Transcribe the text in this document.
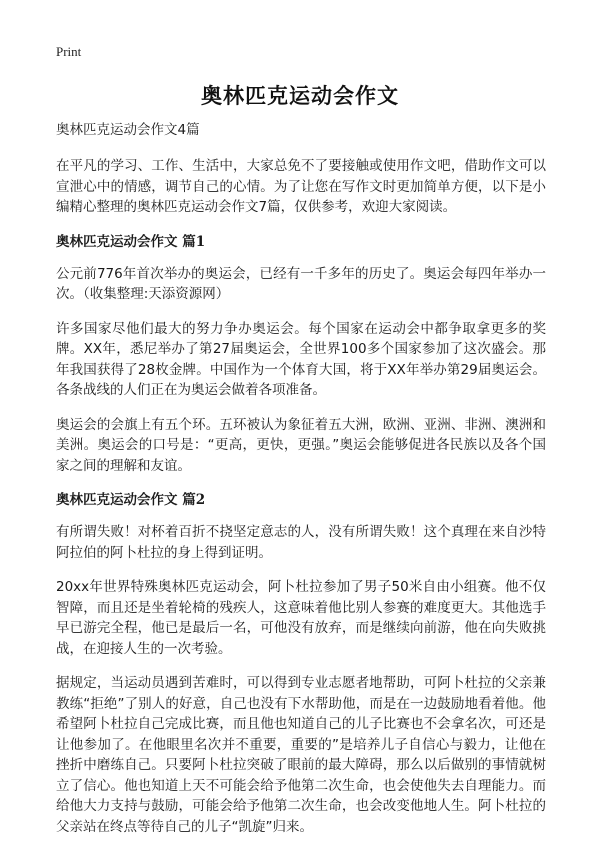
Print
奥林匹克运动会作文
奥林匹克运动会作文4篇

在平凡的学习、工作、生活中，大家总免不了要接触或使用作文吧，借助作文可以宣泄心中的情感，调节自己的心情。为了让您在写作文时更加简单方便，以下是小编精心整理的奥林匹克运动会作文7篇，仅供参考，欢迎大家阅读。

奥林匹克运动会作文 篇1

公元前776年首次举办的奥运会，已经有一千多年的历史了。奥运会每四年举办一次。（收集整理:天添资源网）

许多国家尽他们最大的努力争办奥运会。每个国家在运动会中都争取拿更多的奖牌。XX年，悉尼举办了第27届奥运会，全世界100多个国家参加了这次盛会。那年我国获得了28枚金牌。中国作为一个体育大国，将于XX年举办第29届奥运会。各条战线的人们正在为奥运会做着各项准备。

奥运会的会旗上有五个环。五环被认为象征着五大洲，欧洲、亚洲、非洲、澳洲和美洲。奥运会的口号是：“更高，更快，更强。”奥运会能够促进各民族以及各个国家之间的理解和友谊。

奥林匹克运动会作文 篇2

有所谓失败！对杯着百折不挠坚定意志的人，没有所谓失败！这个真理在来自沙特阿拉伯的阿卜杜拉的身上得到证明。

20xx年世界特殊奥林匹克运动会，阿卜杜拉参加了男子50米自由小组赛。他不仅智障，而且还是坐着轮椅的残疾人，这意味着他比别人参赛的难度更大。其他选手早已游完全程，他已是最后一名，可他没有放弃，而是继续向前游，他在向失败挑战，在迎接人生的一次考验。

据规定，当运动员遇到苦难时，可以得到专业志愿者地帮助，可阿卜杜拉的父亲兼教练“拒绝”了别人的好意，自己也没有下水帮助他，而是在一边鼓励地看着他。他希望阿卜杜拉自己完成比赛，而且他也知道自己的儿子比赛也不会拿名次，可还是让他参加了。在他眼里名次并不重要，重要的”是培养儿子自信心与毅力，让他在挫折中磨练自己。只要阿卜杜拉突破了眼前的最大障碍，那么以后做别的事情就树立了信心。他也知道上天不可能会给予他第二次生命，也会使他失去自理能力。而给他大力支持与鼓励，可能会给予他第二次生命，也会改变他地人生。阿卜杜拉的父亲站在终点等待自己的儿子“凯旋”归来。
